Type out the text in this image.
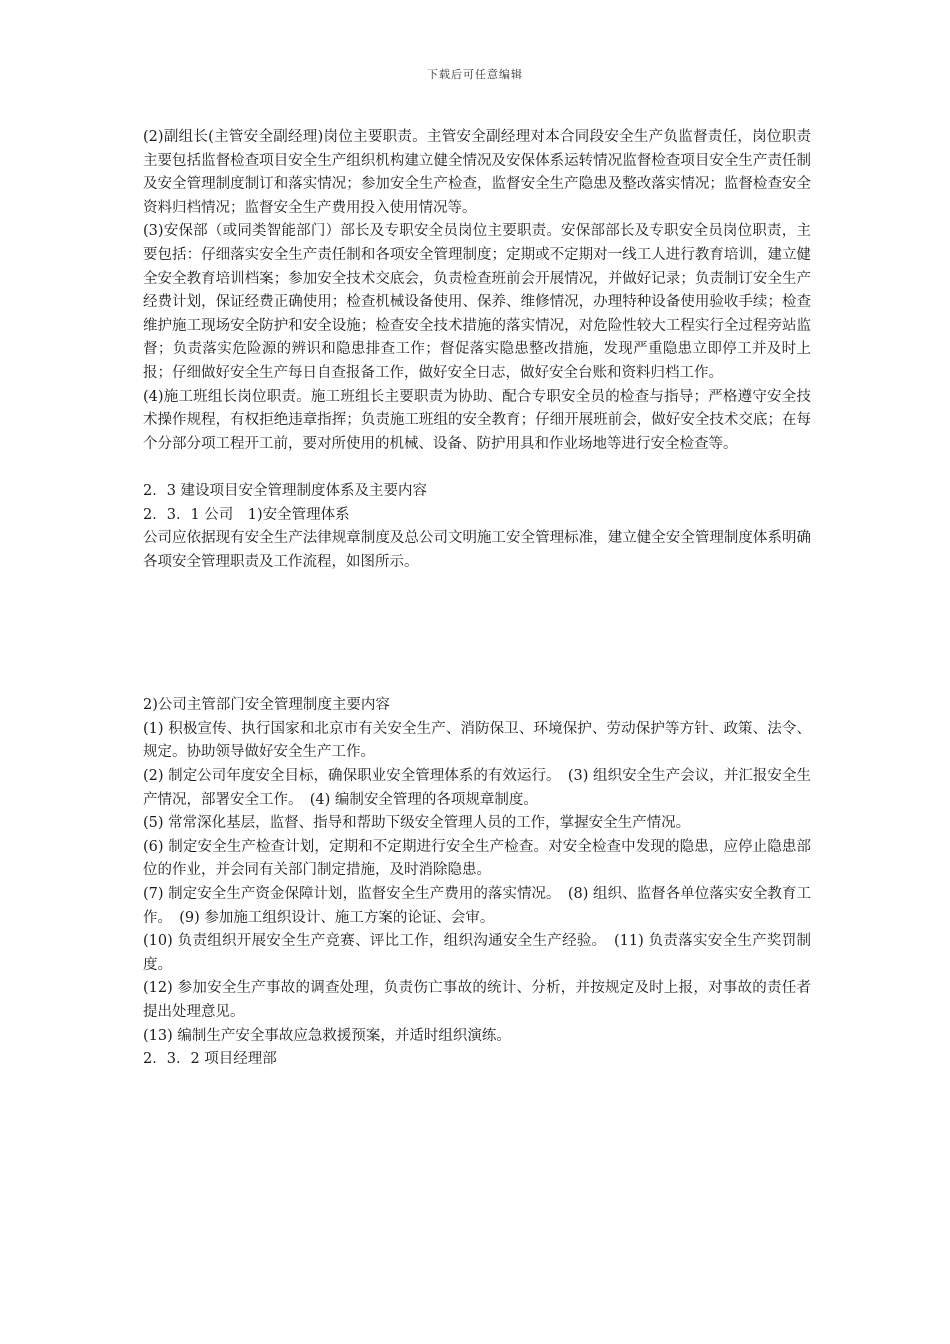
下载后可任意编辑

(2)副组长(主管安全副经理)岗位主要职责。主管安全副经理对本合同段安全生产负监督责任，岗位职责主要包括监督检查项目安全生产组织机构建立健全情况及安保体系运转情况监督检查项目安全生产责任制及安全管理制度制订和落实情况；参加安全生产检查，监督安全生产隐患及整改落实情况；监督检查安全资料归档情况；监督安全生产费用投入使用情况等。

(3)安保部（或同类智能部门）部长及专职安全员岗位主要职责。安保部部长及专职安全员岗位职责，主要包括：仔细落实安全生产责任制和各项安全管理制度；定期或不定期对一线工人进行教育培训，建立健全安全教育培训档案；参加安全技术交底会，负责检查班前会开展情况，并做好记录；负责制订安全生产经费计划，保证经费正确使用；检查机械设备使用、保养、维修情况，办理特种设备使用验收手续；检查维护施工现场安全防护和安全设施；检查安全技术措施的落实情况，对危险性较大工程实行全过程旁站监督；负责落实危险源的辨识和隐患排查工作；督促落实隐患整改措施，发现严重隐患立即停工并及时上报；仔细做好安全生产每日自查报备工作，做好安全日志，做好安全台账和资料归档工作。

(4)施工班组长岗位职责。施工班组长主要职责为协助、配合专职安全员的检查与指导；严格遵守安全技术操作规程，有权拒绝违章指挥；负责施工班组的安全教育；仔细开展班前会，做好安全技术交底；在每个分部分项工程开工前，要对所使用的机械、设备、防护用具和作业场地等进行安全检查等。

2．3 建设项目安全管理制度体系及主要内容

2．3．1 公司　1)安全管理体系

公司应依据现有安全生产法律规章制度及总公司文明施工安全管理标准，建立健全安全管理制度体系明确各项安全管理职责及工作流程，如图所示。

2)公司主管部门安全管理制度主要内容

(1) 积极宣传、执行国家和北京市有关安全生产、消防保卫、环境保护、劳动保护等方针、政策、法令、规定。协助领导做好安全生产工作。

(2) 制定公司年度安全目标，确保职业安全管理体系的有效运行。　(3) 组织安全生产会议，并汇报安全生产情况，部署安全工作。　(4) 编制安全管理的各项规章制度。

(5) 常常深化基层，监督、指导和帮助下级安全管理人员的工作，掌握安全生产情况。

(6) 制定安全生产检查计划，定期和不定期进行安全生产检查。对安全检查中发现的隐患，应停止隐患部位的作业，并会同有关部门制定措施，及时消除隐患。

(7) 制定安全生产资金保障计划，监督安全生产费用的落实情况。　(8) 组织、监督各单位落实安全教育工作。　(9) 参加施工组织设计、施工方案的论证、会审。

(10) 负责组织开展安全生产竞赛、评比工作，组织沟通安全生产经验。　(11) 负责落实安全生产奖罚制度。

(12) 参加安全生产事故的调查处理，负责伤亡事故的统计、分析，并按规定及时上报，对事故的责任者提出处理意见。

(13) 编制生产安全事故应急救援预案，并适时组织演练。

2．3．2 项目经理部
